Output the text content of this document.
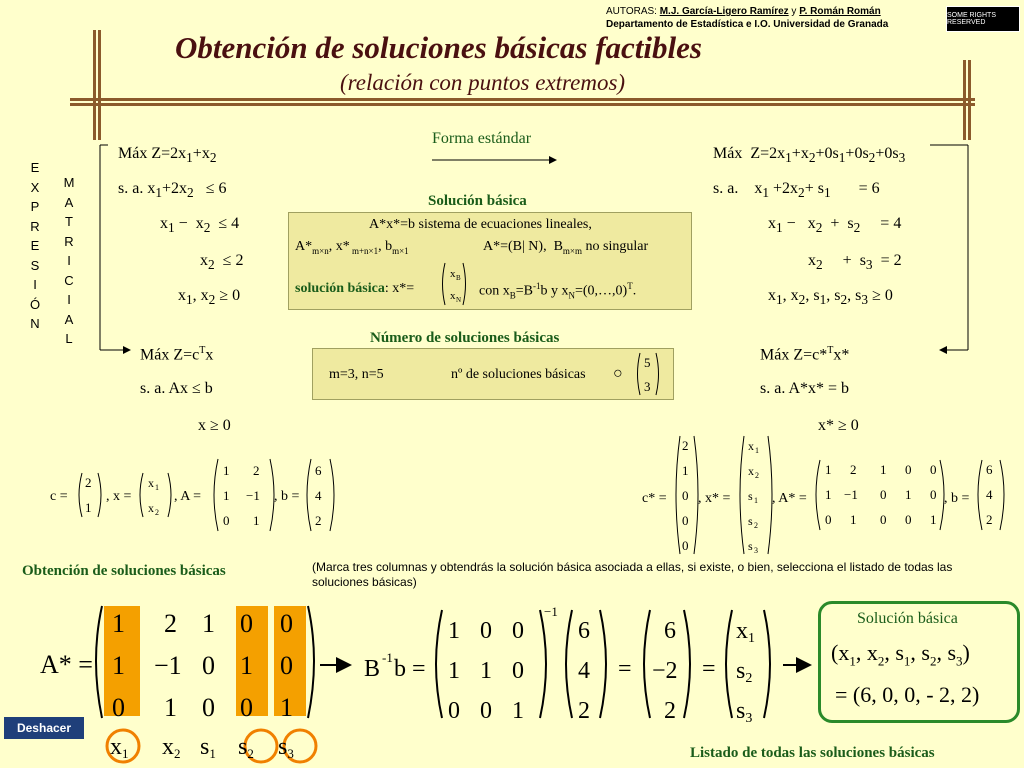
AUTORAS: M.J. García-Ligero Ramírez y P. Román Román
Departamento de Estadística e I.O. Universidad de Granada
SOME RIGHTS RESERVED
Obtención de soluciones básicas factibles
(relación con puntos extremos)
E
X
P
R
E
S
I
Ó
N
M
A
T
R
I
C
I
A
L
Forma estándar
Máx $Z=2x_1+x_2$
s. a. $x_1+2x_2 \le 6$
$x_1 - x_2 \le 4$
$x_2 \le 2$
$x_1$, $x_2 \ge 0$
Máx  $Z=2x_1+x_2+0s_1+0s_2+0s_3$
s. a.    $x_1 +2x_2+ s_1$       = 6
$x_1 - x_2 + s_2$     = 4
$x_2$     +  $s_3 = 2$
$x_1$, $x_2$, $s_1$, $s_2$, $s_3 \ge 0$
Solución básica
A*x*=b sistema de ecuaciones lineales,
$A*_{m\times n}$, x* $_{m+n\times 1}$, $b_{m\times 1}$	A*=(B| N),  $B_{m\times m}$ no singular
solución básica: x*=
x B
x N
con $x_B=B^{-1}b$ y $x_N=(0,\dots,0)^T$.
Número de soluciones básicas
m=3, n=5	nº de soluciones básicas ○
5
3
Máx $Z=c^Tx$
s. a. Ax ≤ b
x ≥ 0
Máx Z=c*$^T$x*
s. a. A*x* = b
x* ≥ 0
c =
2
1
, x =
x 1
x 2
, A =
1 2
1 −1
0 1
, b =
6
4
2
c* =
2
1
0
0
0
, x* =
x 1
x 2
s 1
s 2
s 3
, A* =
1 2 1 0 0
1 −1 0 1 0
0 1 0 0 1
, b =
6
4
2
Obtención de soluciones básicas	(Marca tres columnas y obtendrás la solución básica asociada a ellas, si existe, o bien, selecciona el listado de todas las soluciones básicas)
A* =
1 2 1 0 0
1 −1 0 1 0
0 1 0 0 1
x1 x2 s1 s2 s3
B -1 b =
−1
1 0 0
1 1 0
0 0 1
6
4
2
=
6
−2
2
=
x1
s2
s3
Solución básica
($x_1$, $x_2$, $s_1$, $s_2$, $s_3$)
= (6, 0, 0, - 2, 2)
Deshacer
Listado de todas las soluciones básicas
